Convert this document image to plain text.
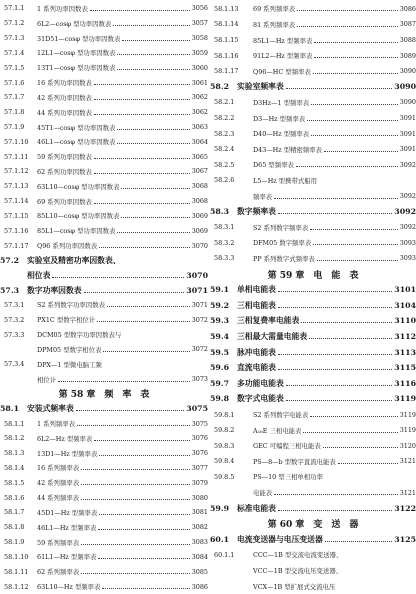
57.1.1	1 系列功率因数表	3056
57.1.2	6L2—cosφ 型功率因数表	3057
57.1.3	31D51—cosφ 型功率因数表	3058
57.1.4	12L1—cosφ 型功率因数表	3059
57.1.5	13T1—cosφ 型功率因数表	3060
57.1.6	16 系列功率因数表	3061
57.1.7	42 系列功率因数表	3062
57.1.8	44 系列功率因数表	3062
57.1.9	45T1—cosφ 型功率因数表	3063
57.1.10	46L1—cosφ 型功率因数表	3064
57.1.11	59 系列功率因数表	3065
57.1.12	62 系列功率因数表	3067
57.1.13	63L10—cosφ 型功率因数表	3068
57.1.14	69 系列功率因数表	3068
57.1.15	85L10—cosφ 型功率因数表	3069
57.1.16	85L1—cosφ 型功率因数表	3069
57.1.17	Q96 系列功率因数表	3070
57.2	实验室及精密功率因数表、
相位表	3070
57.3	数字功率因数表	3071
57.3.1	S2 系列数字功率因数表	3071
57.3.2	PX1C 型数字相位计	3072
57.3.3	DCM05 型数字功率因数表与
DPM05 型数字相位表	3072
57.3.4	DPX—1 型微电脑工频
相位计	3073
第 58 章　频　率　表
58.1	安装式频率表	3075
58.1.1	1 系列频率表	3075
58.1.2	6L2—Hz 型频率表	3076
58.1.3	13D1—Hz 型频率表	3076
58.1.4	16 系列频率表	3077
58.1.5	42 系列频率表	3079
58.1.6	44 系列频率表	3080
58.1.7	45D1—Hz 型频率表	3081
58.1.8	46L1—Hz 型频率表	3082
58.1.9	59 系列频率表	3083
58.1.10	61L1—Hz 型频率表	3084
58.1.11	62 系列频率表	3085
58.1.12	63L10—Hz 型频率表	3086
58.1.13	69 系列频率表	3086
58.1.14	81 系列频率表	3087
58.1.15	85L1—Hz 型频率表	3088
58.1.16	91L2—Hz 型频率表	3089
58.1.17	Q96—HC 型频率表	3090
58.2	实验室频率表	3090
58.2.1	D3Hz—1 型频率表	3090
58.2.2	D3—Hz 型频率表	3091
58.2.3	D40—Hz 型频率表	3091
58.2.4	D43—Hz 型精密频率表	3091
58.2.5	D65 型频率表	3092
58.2.6	L5—Hz 型携带式船用
频率表	3092
58.3	数字频率表	3092
58.3.1	S2 系列数字频率表	3092
58.3.2	DFM05 数字频率表	3093
58.3.3	PP 系列数字式频率表	3093
第 59 章　电　能　表
59.1	单相电能表	3101
59.2	三相电能表	3104
59.3	三相复费率电能表	3110
59.4	三相最大需量电能表	3112
59.5	脉冲电能表	3113
59.6	直流电能表	3115
59.7	多功能电能表	3116
59.8	数字式电能表	3119
59.8.1	S2 系列数字电能表	3119
59.8.2	A₁₆E 三相电能表	3119
59.8.3	GEC 可编程三相电能表	3120
59.8.4	PS—8—b 型数字直流电能表	3121
59.8.5	PS—10 型三相单相功率
电能表	3121
59.9	标准电能表	3122
第 60 章　变　送　器
60.1	电流变送器与电压变送器	3125
60.1.1	CCC—1B 型交流电流变送器、
VCC—1B 型交流电压变送器、
VCX—1B 型扩展式交流电压
